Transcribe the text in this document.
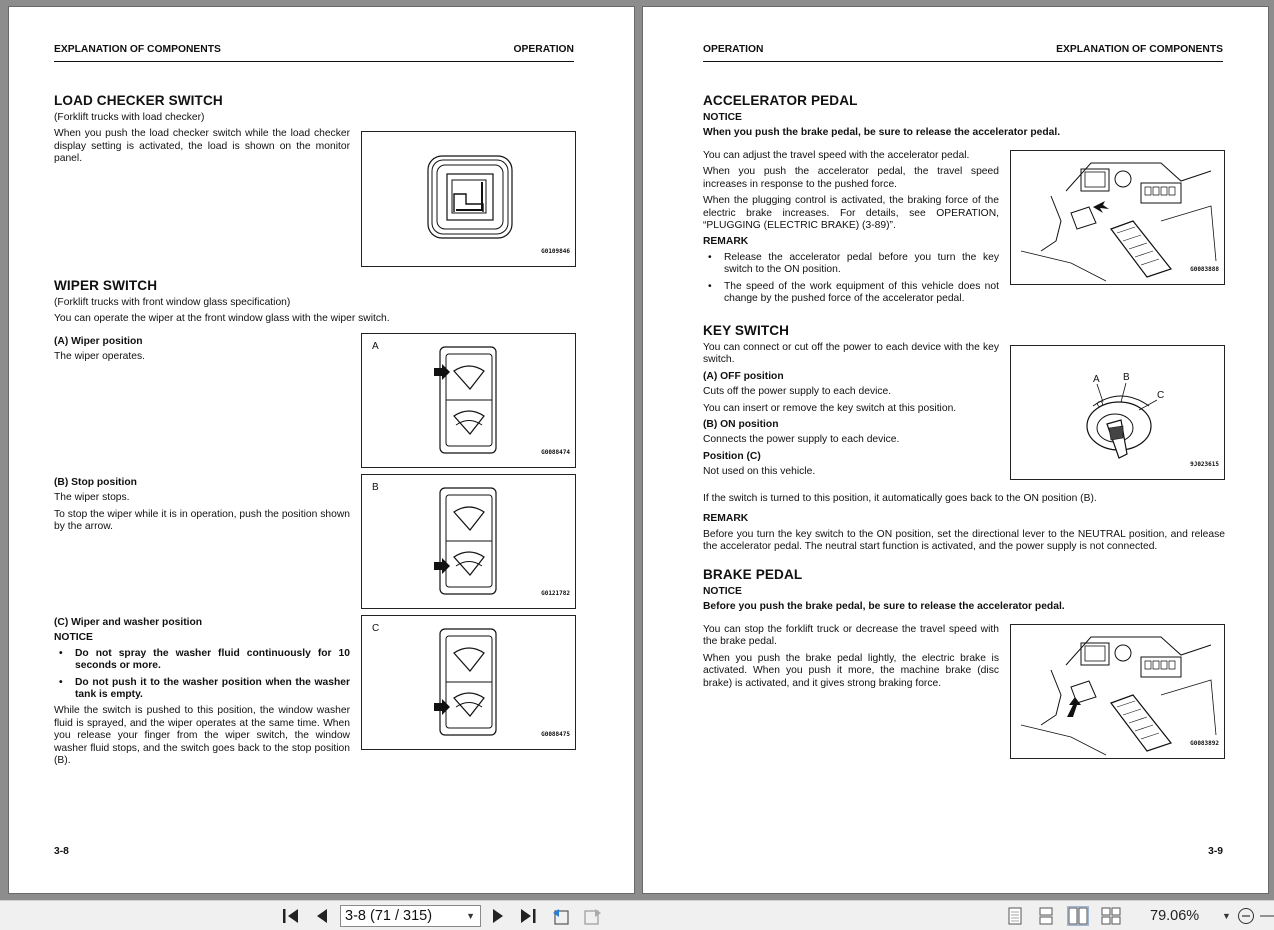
EXPLANATION OF COMPONENTS	OPERATION
LOAD CHECKER SWITCH

(Forklift trucks with load checker)

When you push the load checker switch while the load checker display setting is activated, the load is shown on the monitor panel.

G0109846
WIPER SWITCH

(Forklift trucks with front window glass specification)

You can operate the wiper at the front window glass with the wiper switch.

(A) Wiper position

The wiper operates.

A
G0088474
(B) Stop position

The wiper stops.

To stop the wiper while it is in operation, push the position shown by the arrow.

B
G0121782
(C) Wiper and washer position
NOTICE
• Do not spray the washer fluid continuously for 10 seconds or more.
• Do not push it to the washer position when the washer tank is empty.

While the switch is pushed to this position, the window washer fluid is sprayed, and the wiper operates at the same time. When you release your finger from the wiper switch, the window washer fluid stops, and the switch goes back to the stop position (B).

C
G0088475
3-8
OPERATION	EXPLANATION OF COMPONENTS
ACCELERATOR PEDAL
NOTICE

When you push the brake pedal, be sure to release the accelerator pedal.

You can adjust the travel speed with the accelerator pedal.

When you push the accelerator pedal, the travel speed increases in response to the pushed force.

When the plugging control is activated, the braking force of the electric brake increases. For details, see OPERATION, “PLUGGING (ELECTRIC BRAKE) (3-89)”.

REMARK
• Release the accelerator pedal before you turn the key switch to the ON position.
• The speed of the work equipment of this vehicle does not change by the pushed force of the accelerator pedal.
G0083888
KEY SWITCH

You can connect or cut off the power to each device with the key switch.

(A) OFF position

Cuts off the power supply to each device.

You can insert or remove the key switch at this position.

(B) ON position

Connects the power supply to each device.

Position (C)

Not used on this vehicle.

If the switch is turned to this position, it automatically goes back to the ON position (B).

REMARK

Before you turn the key switch to the ON position, set the directional lever to the NEUTRAL position, and release the accelerator pedal. The neutral start function is activated, and the power supply is not connected.

A B
C
9J023615
BRAKE PEDAL
NOTICE

Before you push the brake pedal, be sure to release the accelerator pedal.

You can stop the forklift truck or decrease the travel speed with the brake pedal.

When you push the brake pedal lightly, the electric brake is activated. When you push it more, the machine brake (disc brake) is activated, and it gives strong braking force.

G0083892
3-9
3-8 (71 / 315)	▼	79.06%	▼
